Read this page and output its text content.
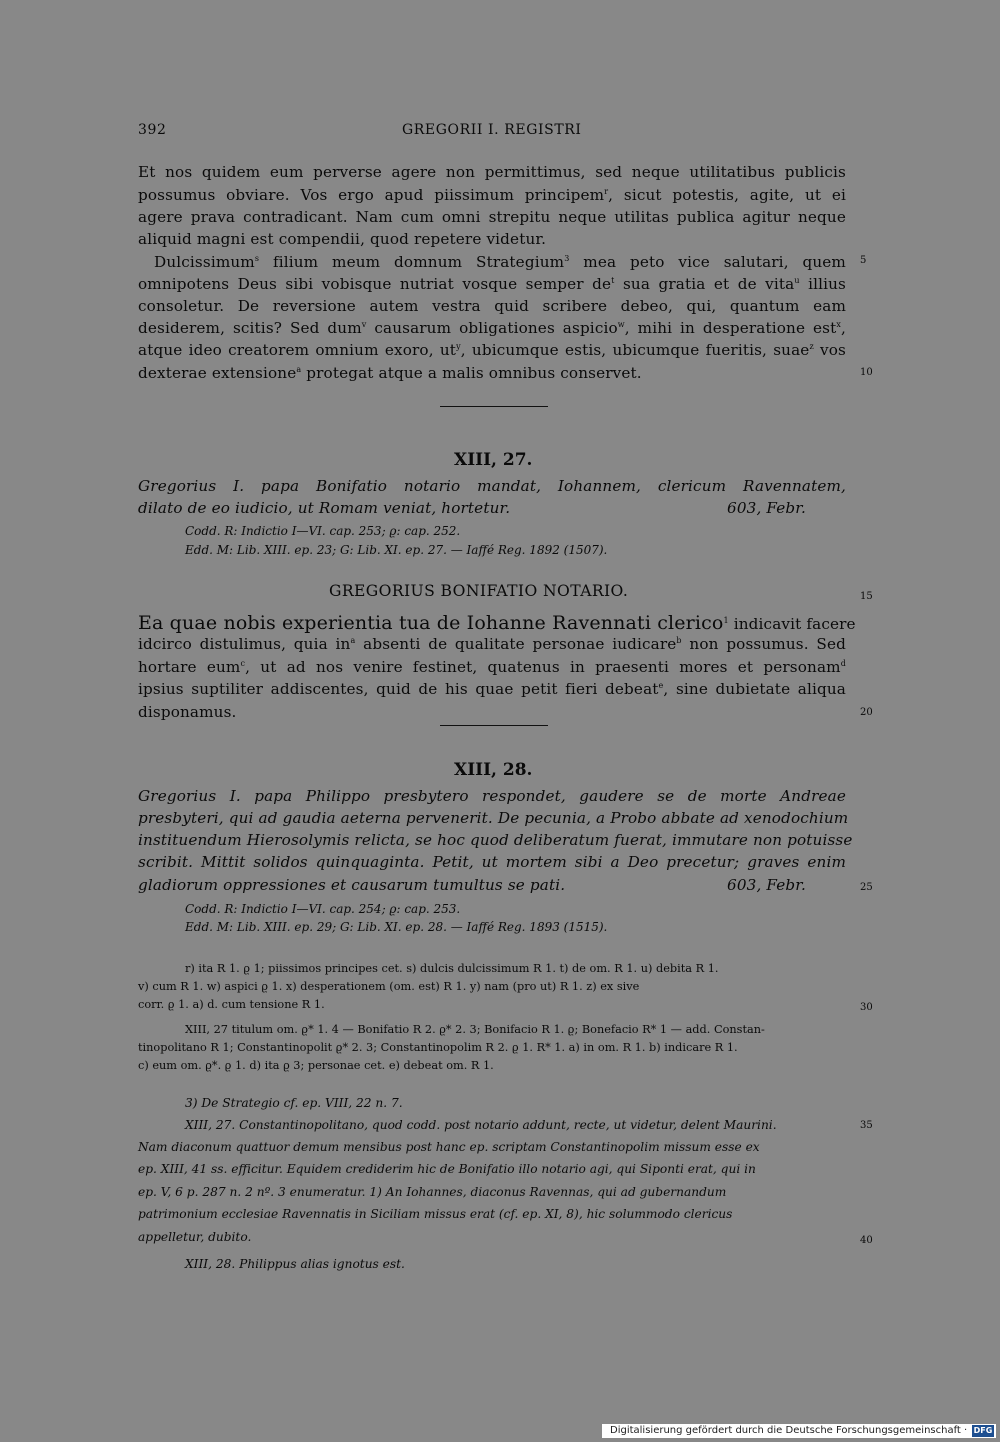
392	GREGORII I. REGISTRI
Et nos quidem eum perverse agere non permittimus, sed neque utilitatibus publicis
possumus obviare. Vos ergo apud piissimum principem$^r$, sicut potestis, agite, ut ei
agere prava contradicant. Nam cum omni strepitu neque utilitas publica agitur neque
aliquid magni est compendii, quod repetere videtur.
Dulcissimum$^s$ filium meum domnum Strategium$^3$ mea peto vice salutari, quem
omnipotens Deus sibi vobisque nutriat vosque semper $de^t$ sua gratia et de vita$^u$ illius
consoletur. De reversione autem vestra quid scribere debeo, qui, quantum eam
desiderem, scitis? Sed dum$^v$ causarum obligationes aspicio$^w$, mihi in desperatione est$^x$,
atque ideo creatorem omnium exoro, $ut^y$, ubicumque estis, ubicumque fueritis, suae$^z$ vos
dexterae extensione$^a$ protegat atque a malis omnibus conservet.
5
10
15
20
25
30
35
40
XIII, 27.
Gregorius I. papa Bonifatio notario mandat, Iohannem, clericum Ravennatem,
dilato de eo iudicio, ut Romam veniat, hortetur.	603, Febr.
Codd. R: Indictio I—VI. cap. 253; ϱ: cap. 252.
Edd. M: Lib. XIII. ep. 23; G: Lib. XI. ep. 27. — Iaffé Reg. 1892 (1507).
GREGORIUS BONIFATIO NOTARIO.
Ea quae nobis experientia tua de Iohanne Ravennati clerico$^1$ indicavit facere
idcirco distulimus, quia $in^a$ absenti de qualitate personae iudicare$^b$ non possumus. Sed
hortare eum$^c$, ut ad nos venire festinet, quatenus in praesenti mores et personam$^d$
ipsius suptiliter addiscentes, quid de his quae petit fieri debeat$^e$, sine dubietate aliqua
disponamus.
XIII, 28.
Gregorius I. papa Philippo presbytero respondet, gaudere se de morte Andreae
presbyteri, qui ad gaudia aeterna pervenerit. De pecunia, a Probo abbate ad xenodochium
instituendum Hierosolymis relicta, se hoc quod deliberatum fuerat, immutare non potuisse
scribit. Mittit solidos quinquaginta. Petit, ut mortem sibi a Deo precetur; graves enim
gladiorum oppressiones et causarum tumultus se pati.	603, Febr.
Codd. R: Indictio I—VI. cap. 254; ϱ: cap. 253.
Edd. M: Lib. XIII. ep. 29; G: Lib. XI. ep. 28. — Iaffé Reg. 1893 (1515).
r) ita R 1. ϱ 1; piissimos principes cet. s) dulcis dulcissimum R 1. t) de om. R 1. u) debita R 1.
v) cum R 1. w) aspici ϱ 1. x) desperationem (om. est) R 1. y) nam (pro ut) R 1. z) ex sive
corr. ϱ 1. a) d. cum tensione R 1.
XIII, 27 titulum om. ϱ* 1. 4 — Bonifatio R 2. ϱ* 2. 3; Bonifacio R 1. ϱ; Bonefacio R* 1 — add. Constan-
tinopolitano R 1; Constantinopolit ϱ* 2. 3; Constantinopolim R 2. ϱ 1. R* 1. a) in om. R 1. b) indicare R 1.
c) eum om. ϱ*. ϱ 1. d) ita ϱ 3; personae cet. e) debeat om. R 1.
3) De Strategio cf. ep. VIII, 22 n. 7.
XIII, 27. Constantinopolitano, quod codd. post notario addunt, recte, ut videtur, delent Maurini.
Nam diaconum quattuor demum mensibus post hanc ep. scriptam Constantinopolim missum esse ex
ep. XIII, 41 ss. efficitur. Equidem crediderim hic de Bonifatio illo notario agi, qui Siponti erat, qui in
ep. V, 6 p. 287 n. 2 nº. 3 enumeratur. 1) An Iohannes, diaconus Ravennas, qui ad gubernandum
patrimonium ecclesiae Ravennatis in Siciliam missus erat (cf. ep. XI, 8), hic solummodo clericus
appelletur, dubito.
XIII, 28. Philippus alias ignotus est.
Digitalisierung gefördert durch die Deutsche Forschungsgemeinschaft · DFG
